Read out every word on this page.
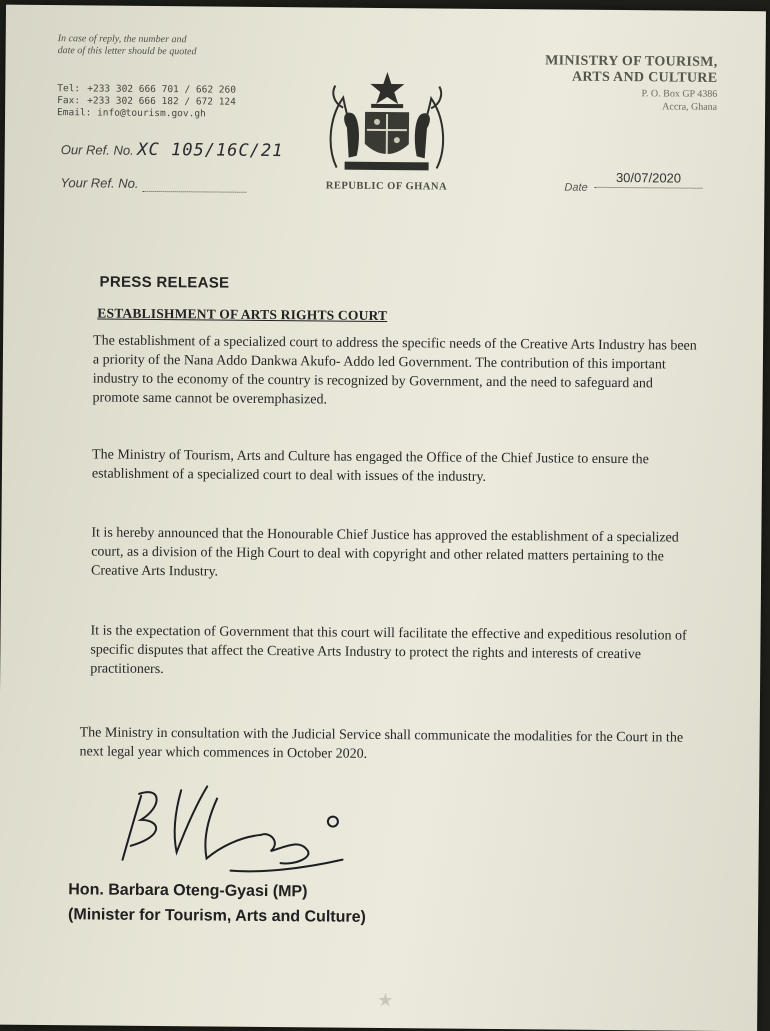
In case of reply, the number and date of this letter should be quoted
Tel: +233 302 666 701 / 662 260
Fax: +233 302 666 182 / 672 124
Email: info@tourism.gov.gh
Our Ref. No. XC 105/16C/21
Your Ref. No.	REPUBLIC OF GHANA
MINISTRY OF TOURISM,
ARTS AND CULTURE
P. O. Box GP 4386
Accra, Ghana
Date
30/07/2020
PRESS RELEASE
ESTABLISHMENT OF ARTS RIGHTS COURT
The establishment of a specialized court to address the specific needs of the Creative Arts Industry has been a priority of the Nana Addo Dankwa Akufo- Addo led Government. The contribution of this important industry to the economy of the country is recognized by Government, and the need to safeguard and promote same cannot be overemphasized.
The Ministry of Tourism, Arts and Culture has engaged the Office of the Chief Justice to ensure the establishment of a specialized court to deal with issues of the industry.
It is hereby announced that the Honourable Chief Justice has approved the establishment of a specialized court, as a division of the High Court to deal with copyright and other related matters pertaining to the Creative Arts Industry.
It is the expectation of Government that this court will facilitate the effective and expeditious resolution of specific disputes that affect the Creative Arts Industry to protect the rights and interests of creative practitioners.
The Ministry in consultation with the Judicial Service shall communicate the modalities for the Court in the next legal year which commences in October 2020.
Hon. Barbara Oteng-Gyasi (MP)
(Minister for Tourism, Arts and Culture)
★
